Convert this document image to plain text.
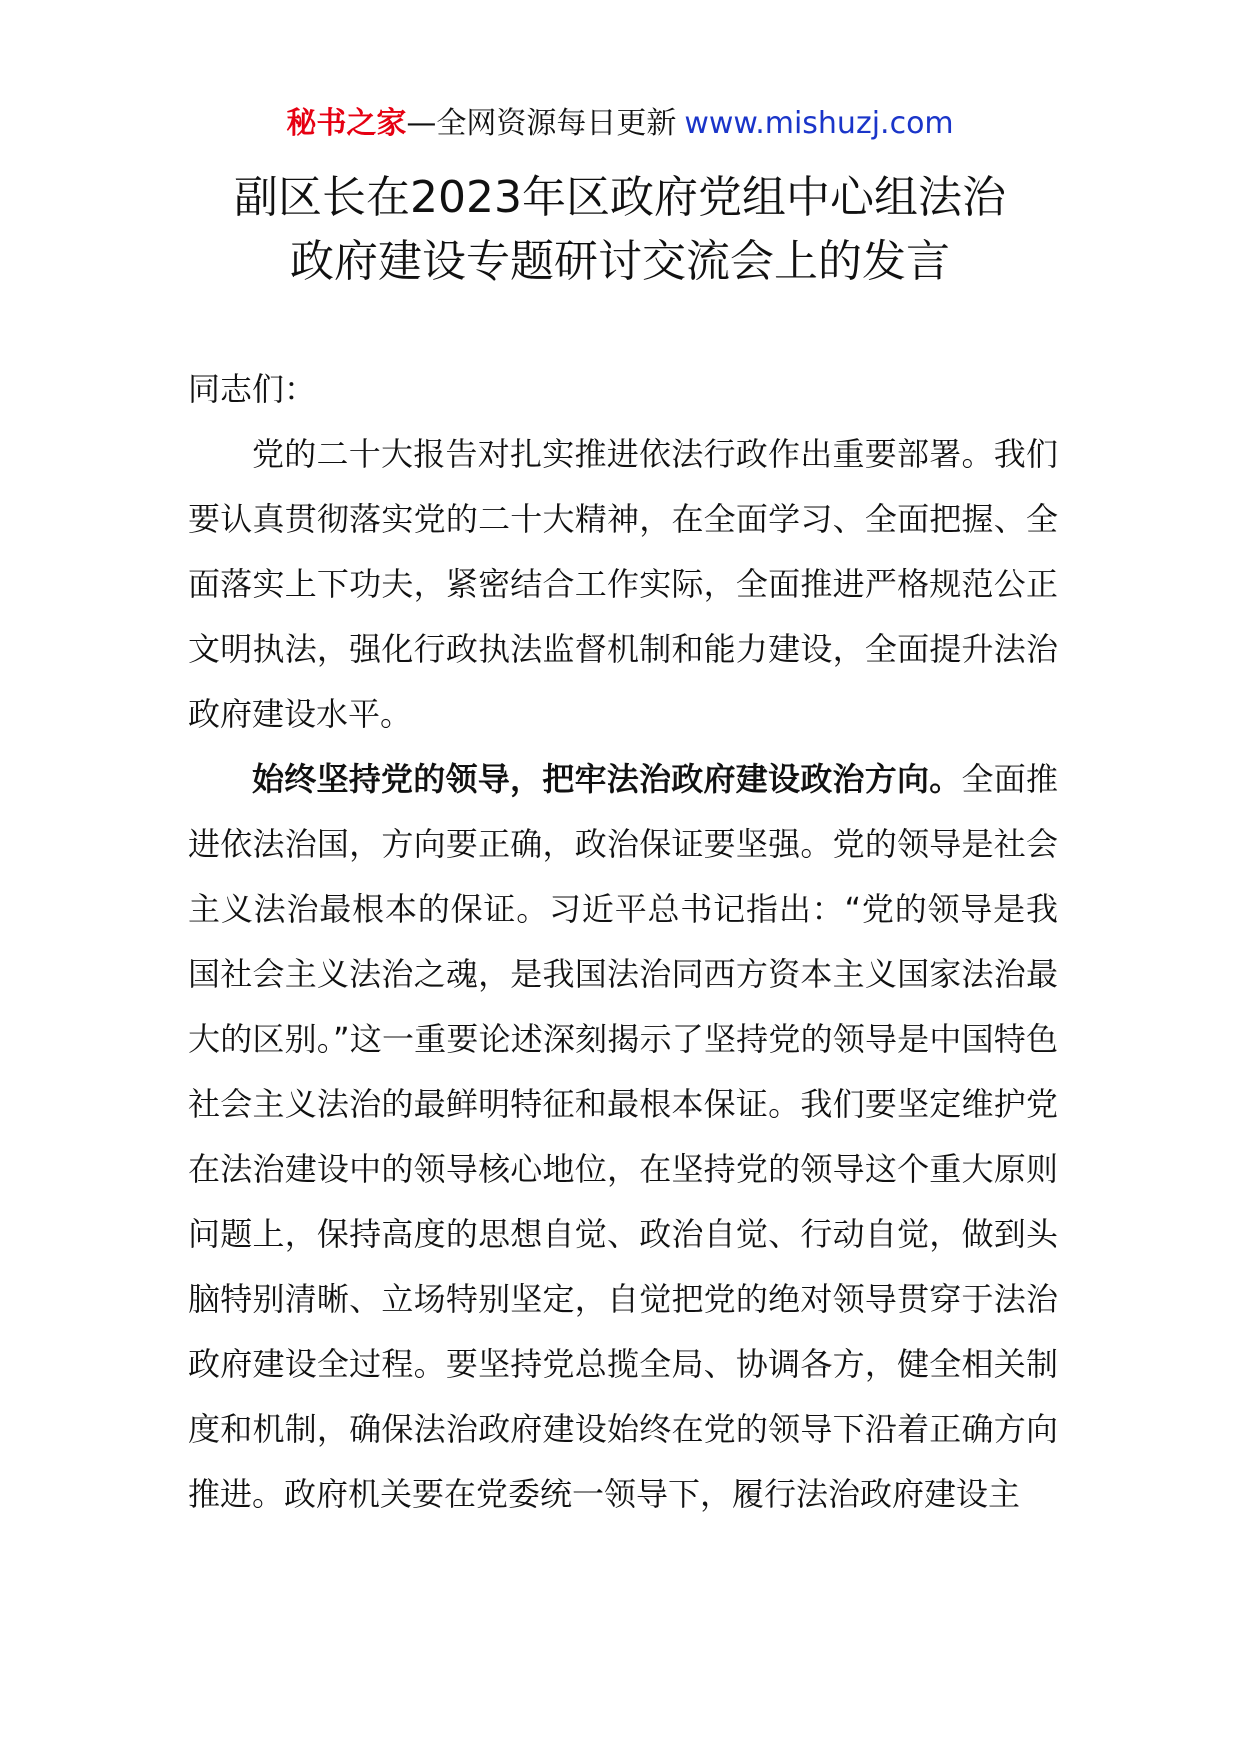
秘书之家—全网资源每日更新 www.mishuzj.com
副区长在2023年区政府党组中心组法治
政府建设专题研讨交流会上的发言

同志们：

党的二十大报告对扎实推进依法行政作出重要部署。我们要认真贯彻落实党的二十大精神，在全面学习、全面把握、全面落实上下功夫，紧密结合工作实际，全面推进严格规范公正文明执法，强化行政执法监督机制和能力建设，全面提升法治政府建设水平。

始终坚持党的领导，把牢法治政府建设政治方向。全面推进依法治国，方向要正确，政治保证要坚强。党的领导是社会主义法治最根本的保证。习近平总书记指出：“党的领导是我国社会主义法治之魂，是我国法治同西方资本主义国家法治最大的区别。”这一重要论述深刻揭示了坚持党的领导是中国特色社会主义法治的最鲜明特征和最根本保证。我们要坚定维护党在法治建设中的领导核心地位，在坚持党的领导这个重大原则问题上，保持高度的思想自觉、政治自觉、行动自觉，做到头脑特别清晰、立场特别坚定，自觉把党的绝对领导贯穿于法治政府建设全过程。要坚持党总揽全局、协调各方，健全相关制度和机制，确保法治政府建设始终在党的领导下沿着正确方向推进。政府机关要在党委统一领导下，履行法治政府建设主
